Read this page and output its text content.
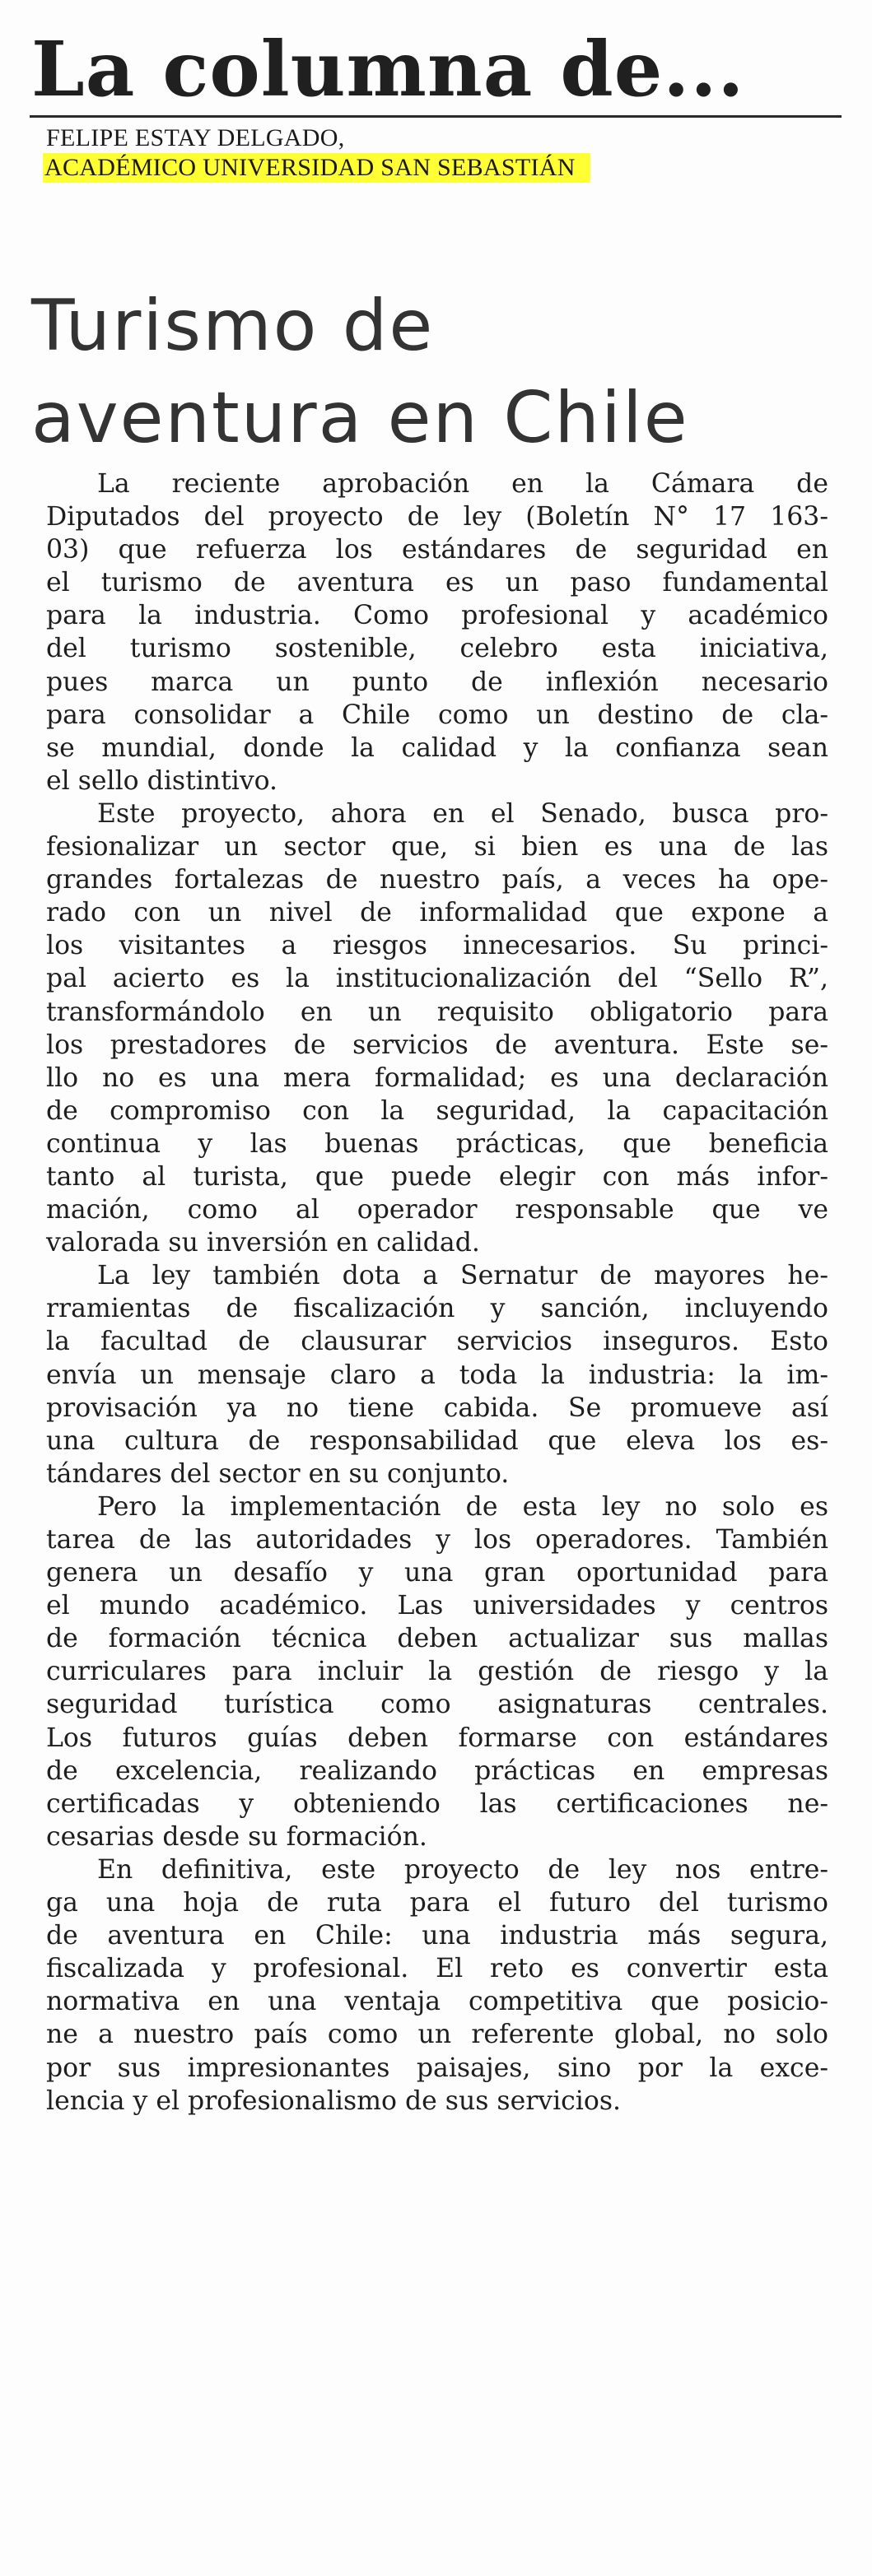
La columna de...
FELIPE ESTAY DELGADO,
ACADÉMICO UNIVERSIDAD SAN SEBASTIÁN
Turismo de
aventura en Chile
La reciente aprobación en la Cámara de
Diputados del proyecto de ley (Boletín N° 17 163-
03) que refuerza los estándares de seguridad en
el turismo de aventura es un paso fundamental
para la industria. Como profesional y académico
del turismo sostenible, celebro esta iniciativa,
pues marca un punto de inflexión necesario
para consolidar a Chile como un destino de cla-
se mundial, donde la calidad y la confianza sean
el sello distintivo.
Este proyecto, ahora en el Senado, busca pro-
fesionalizar un sector que, si bien es una de las
grandes fortalezas de nuestro país, a veces ha ope-
rado con un nivel de informalidad que expone a
los visitantes a riesgos innecesarios. Su princi-
pal acierto es la institucionalización del “Sello R”,
transformándolo en un requisito obligatorio para
los prestadores de servicios de aventura. Este se-
llo no es una mera formalidad; es una declaración
de compromiso con la seguridad, la capacitación
continua y las buenas prácticas, que beneficia
tanto al turista, que puede elegir con más infor-
mación, como al operador responsable que ve
valorada su inversión en calidad.
La ley también dota a Sernatur de mayores he-
rramientas de fiscalización y sanción, incluyendo
la facultad de clausurar servicios inseguros. Esto
envía un mensaje claro a toda la industria: la im-
provisación ya no tiene cabida. Se promueve así
una cultura de responsabilidad que eleva los es-
tándares del sector en su conjunto.
Pero la implementación de esta ley no solo es
tarea de las autoridades y los operadores. También
genera un desafío y una gran oportunidad para
el mundo académico. Las universidades y centros
de formación técnica deben actualizar sus mallas
curriculares para incluir la gestión de riesgo y la
seguridad turística como asignaturas centrales.
Los futuros guías deben formarse con estándares
de excelencia, realizando prácticas en empresas
certificadas y obteniendo las certificaciones ne-
cesarias desde su formación.
En definitiva, este proyecto de ley nos entre-
ga una hoja de ruta para el futuro del turismo
de aventura en Chile: una industria más segura,
fiscalizada y profesional. El reto es convertir esta
normativa en una ventaja competitiva que posicio-
ne a nuestro país como un referente global, no solo
por sus impresionantes paisajes, sino por la exce-
lencia y el profesionalismo de sus servicios.
